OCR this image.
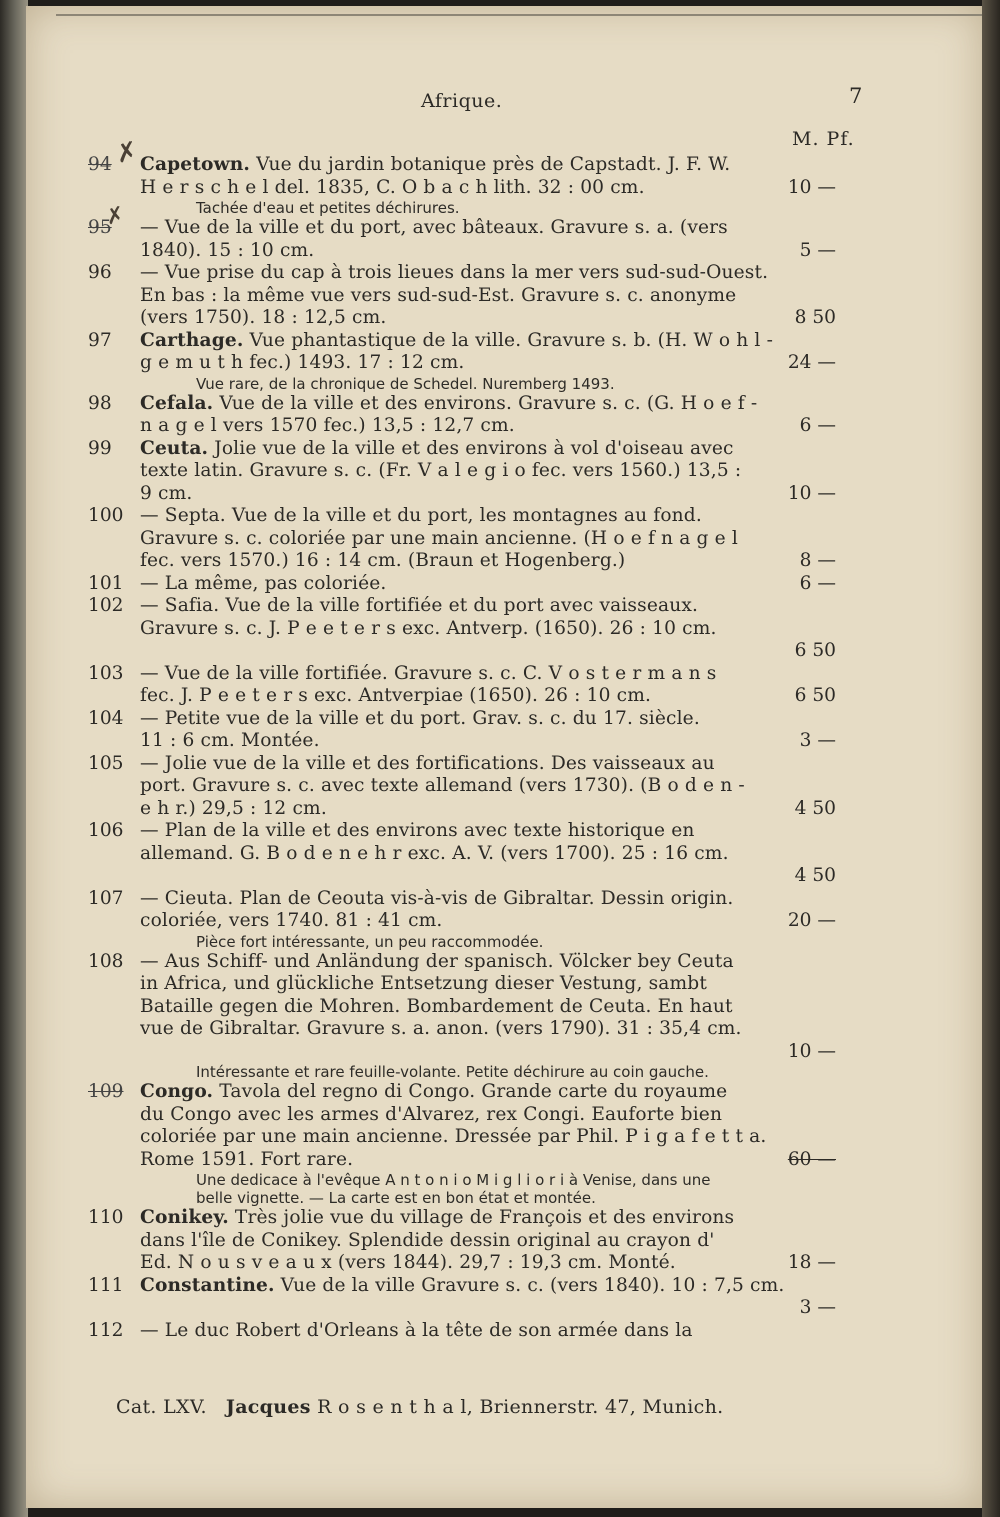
Afrique.	7
M. Pf.
✗
✗
94 Capetown. Vue du jardin botanique près de Capstadt. J. F. W.
H e r s c h e l del. 1835, C. O b a c h lith. 32 : 00 cm.	10 —
Tachée d'eau et petites déchirures.
95 — Vue de la ville et du port, avec bâteaux. Gravure s. a. (vers
1840). 15 : 10 cm.	5 —
96 — Vue prise du cap à trois lieues dans la mer vers sud-sud-Ouest.
En bas : la même vue vers sud-sud-Est. Gravure s. c. anonyme
(vers 1750). 18 : 12,5 cm.	8 50
97 Carthage. Vue phantastique de la ville. Gravure s. b. (H. W o h l -
g e m u t h fec.) 1493. 17 : 12 cm.	24 —
Vue rare, de la chronique de Schedel. Nuremberg 1493.
98 Cefala. Vue de la ville et des environs. Gravure s. c. (G. H o e f -
n a g e l vers 1570 fec.) 13,5 : 12,7 cm.	6 —
99 Ceuta. Jolie vue de la ville et des environs à vol d'oiseau avec
texte latin. Gravure s. c. (Fr. V a l e g i o fec. vers 1560.) 13,5 :
9 cm.	10 —
100 — Septa. Vue de la ville et du port, les montagnes au fond.
Gravure s. c. coloriée par une main ancienne. (H o e f n a g e l
fec. vers 1570.) 16 : 14 cm. (Braun et Hogenberg.)	8 —
101 — La même, pas coloriée.	6 —
102 — Safia. Vue de la ville fortifiée et du port avec vaisseaux.
Gravure s. c. J. P e e t e r s exc. Antverp. (1650). 26 : 10 cm.
6 50
103 — Vue de la ville fortifiée. Gravure s. c. C. V o s t e r m a n s
fec. J. P e e t e r s exc. Antverpiae (1650). 26 : 10 cm.	6 50
104 — Petite vue de la ville et du port. Grav. s. c. du 17. siècle.
11 : 6 cm. Montée.	3 —
105 — Jolie vue de la ville et des fortifications. Des vaisseaux au
port. Gravure s. c. avec texte allemand (vers 1730). (B o d e n -
e h r.) 29,5 : 12 cm.	4 50
106 — Plan de la ville et des environs avec texte historique en
allemand. G. B o d e n e h r exc. A. V. (vers 1700). 25 : 16 cm.
4 50
107 — Cieuta. Plan de Ceouta vis-à-vis de Gibraltar. Dessin origin.
coloriée, vers 1740. 81 : 41 cm.	20 —
Pièce fort intéressante, un peu raccommodée.
108 — Aus Schiff- und Anländung der spanisch. Völcker bey Ceuta
in Africa, und glückliche Entsetzung dieser Vestung, sambt
Bataille gegen die Mohren. Bombardement de Ceuta. En haut
vue de Gibraltar. Gravure s. a. anon. (vers 1790). 31 : 35,4 cm.
10 —
Intéressante et rare feuille-volante. Petite déchirure au coin gauche.
109 Congo. Tavola del regno di Congo. Grande carte du royaume
du Congo avec les armes d'Alvarez, rex Congi. Eauforte bien
coloriée par une main ancienne. Dressée par Phil. P i g a f e t t a.
Rome 1591. Fort rare.	60 —
Une dedicace à l'evêque A n t o n i o M i g l i o r i à Venise, dans une
belle vignette. — La carte est en bon état et montée.
110 Conikey. Très jolie vue du village de François et des environs
dans l'île de Conikey. Splendide dessin original au crayon d'
Ed. N o u s v e a u x (vers 1844). 29,7 : 19,3 cm. Monté.	18 —
111 Constantine. Vue de la ville Gravure s. c. (vers 1840). 10 : 7,5 cm.
3 —
112 — Le duc Robert d'Orleans à la tête de son armée dans la
Cat. LXV. Jacques R o s e n t h a l, Briennerstr. 47, Munich.
